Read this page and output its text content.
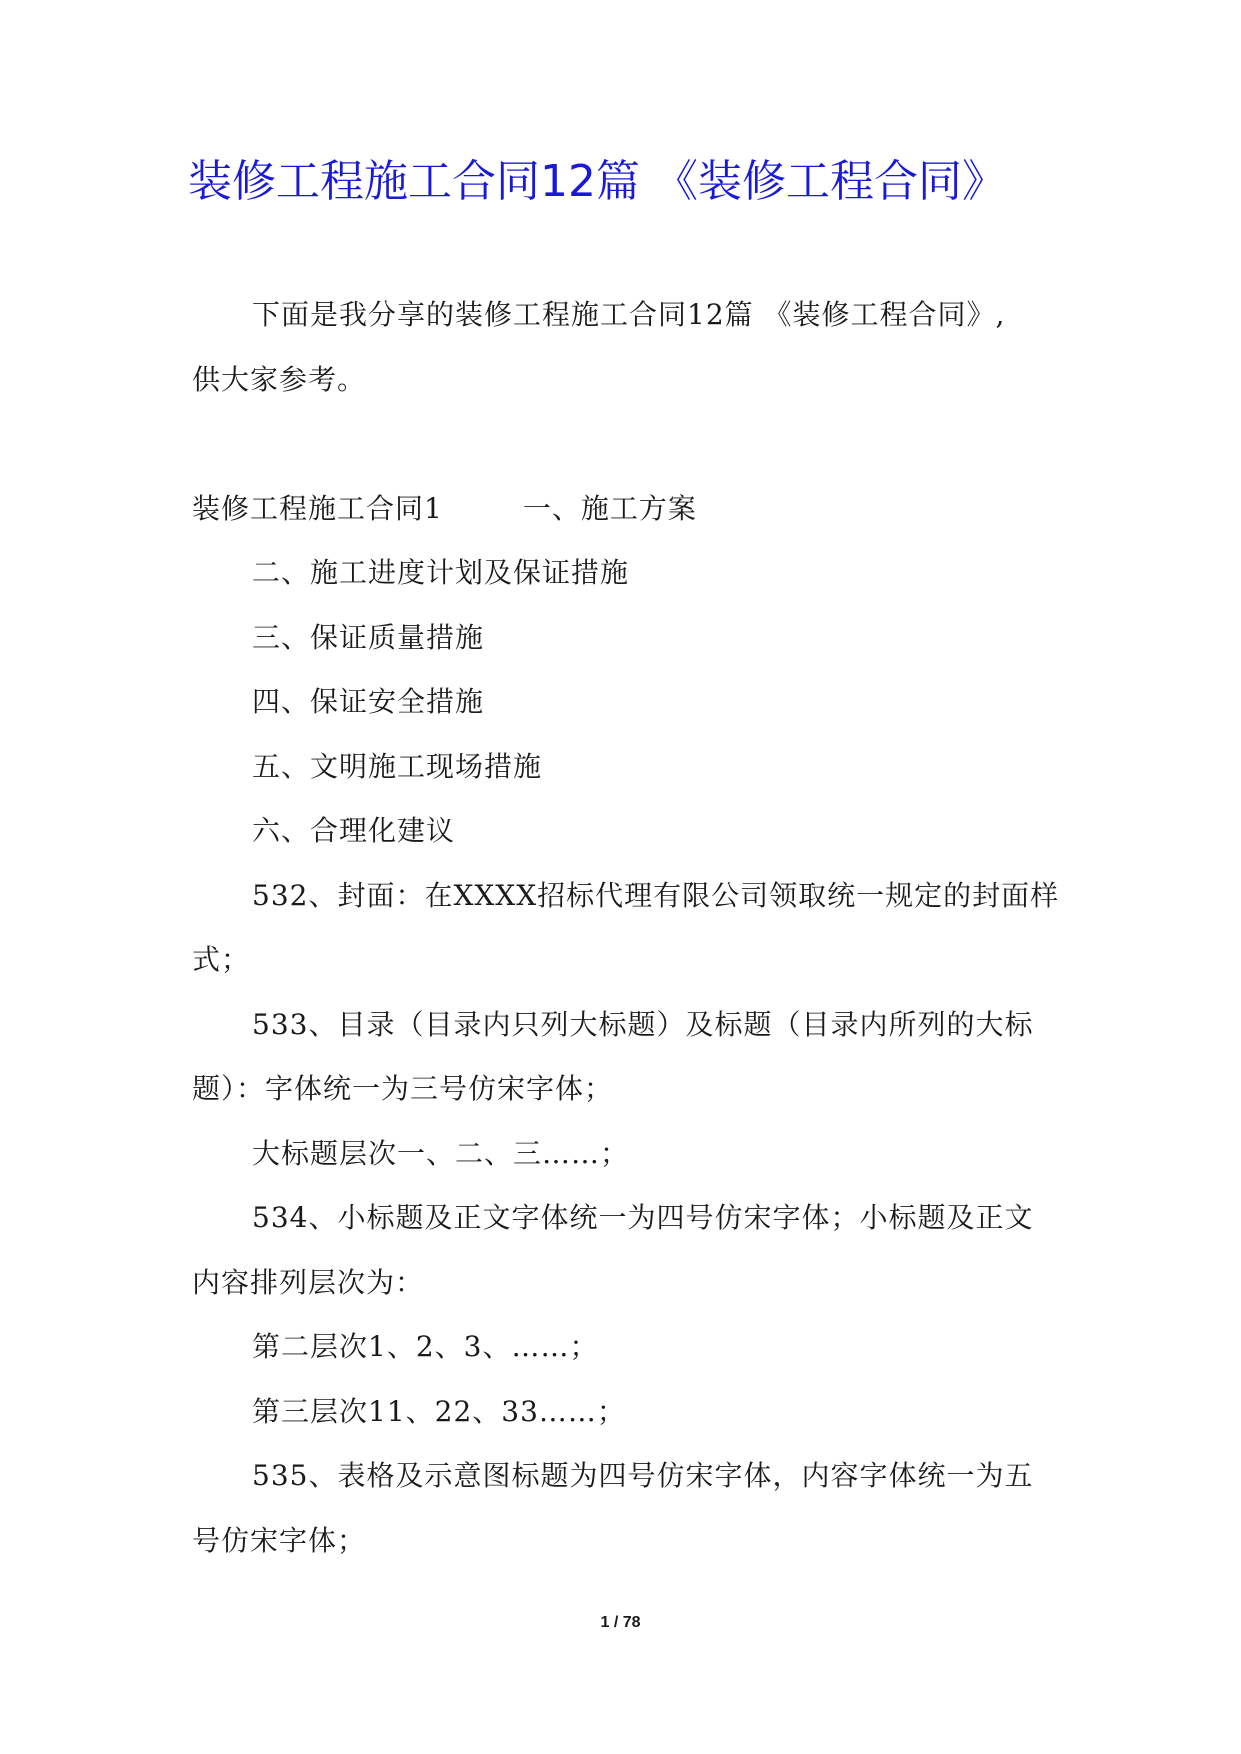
装修工程施工合同12篇 《装修工程合同》

下面是我分享的装修工程施工合同12篇 《装修工程合同》,

供大家参考。

装修工程施工合同1	一、施工方案

二、施工进度计划及保证措施

三、保证质量措施

四、保证安全措施

五、文明施工现场措施

六、合理化建议

532、封面：在XXXX招标代理有限公司领取统一规定的封面样式；

533、目录（目录内只列大标题）及标题（目录内所列的大标题）：字体统一为三号仿宋字体；

大标题层次一、二、三……；

534、小标题及正文字体统一为四号仿宋字体；小标题及正文内容排列层次为：

第二层次1、2、3、……；

第三层次11、22、33……；

535、表格及示意图标题为四号仿宋字体，内容字体统一为五号仿宋字体；

1 / 78
